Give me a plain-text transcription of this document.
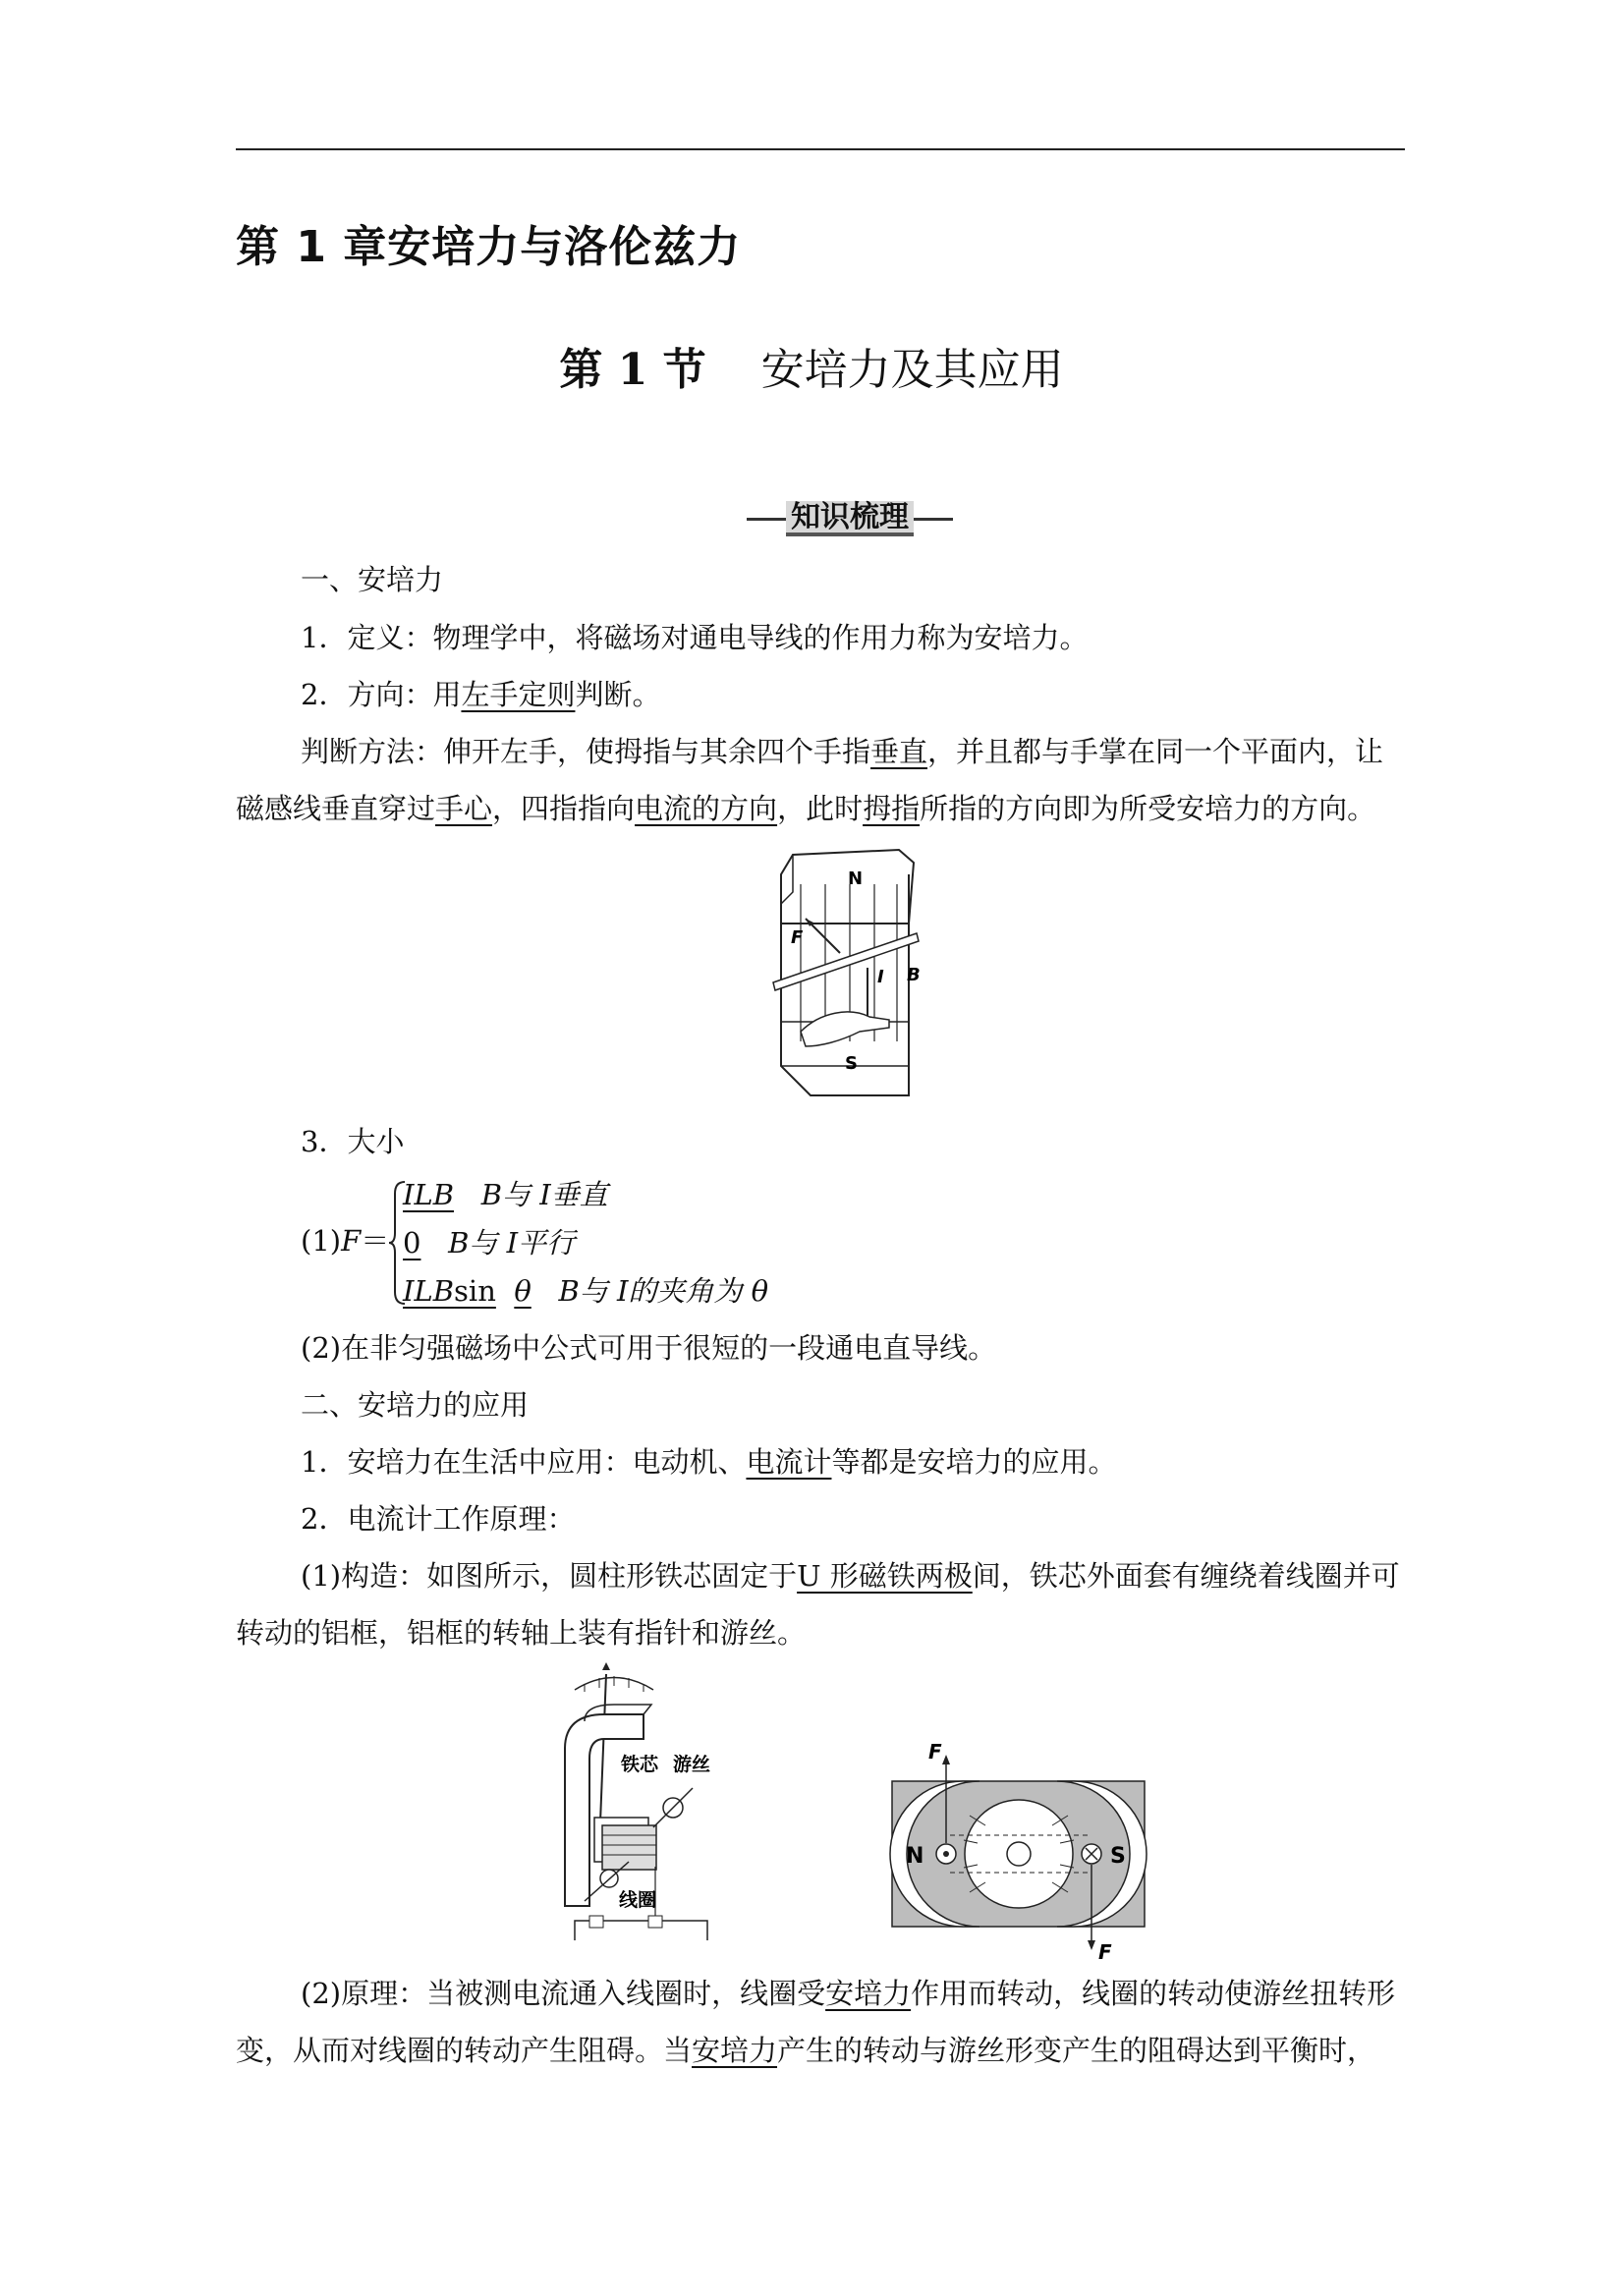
第 1 章安培力与洛伦兹力
第 1 节 安培力及其应用
知识梳理
一、安培力
1．定义：物理学中，将磁场对通电导线的作用力称为安培力。
2．方向：用左手定则判断。
判断方法：伸开左手，使拇指与其余四个手指垂直，并且都与手掌在同一个平面内，让
磁感线垂直穿过手心，四指指向电流的方向，此时拇指所指的方向即为所受安培力的方向。
N
S
F
I B
3．大小
(1)F＝
ILB B与 I垂直
0 B与 I平行
ILBsin θ B与 I的夹角为 θ
(2)在非匀强磁场中公式可用于很短的一段通电直导线。
二、安培力的应用
1．安培力在生活中应用：电动机、电流计等都是安培力的应用。
2．电流计工作原理：
(1)构造：如图所示，圆柱形铁芯固定于U 形磁铁两极间，铁芯外面套有缠绕着线圈并可
转动的铝框，铝框的转轴上装有指针和游丝。
铁芯 游丝
线圈
N	S
F
F
(2)原理：当被测电流通入线圈时，线圈受安培力作用而转动，线圈的转动使游丝扭转形
变，从而对线圈的转动产生阻碍。当安培力产生的转动与游丝形变产生的阻碍达到平衡时，
